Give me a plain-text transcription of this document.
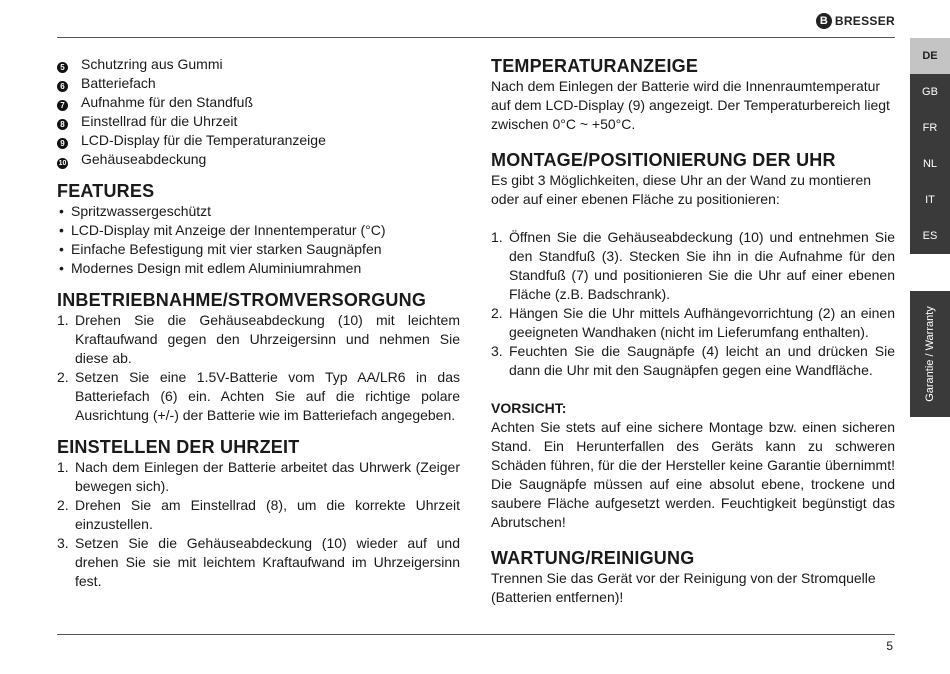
B BRESSER
5 Schutzring aus Gummi
6 Batteriefach
7 Aufnahme für den Standfuß
8 Einstellrad für die Uhrzeit
9 LCD-Display für die Temperaturanzeige
10 Gehäuseabdeckung
FEATURES
• Spritzwassergeschützt
• LCD-Display mit Anzeige der Innentemperatur (°C)
• Einfache Befestigung mit vier starken Saugnäpfen
• Modernes Design mit edlem Aluminiumrahmen
INBETRIEBNAHME/STROMVERSORGUNG
1. Drehen Sie die Gehäuseabdeckung (10) mit leichtem Kraftaufwand gegen den Uhrzeigersinn und nehmen Sie diese ab.
2. Setzen Sie eine 1.5V-Batterie vom Typ AA/LR6 in das Batteriefach (6) ein. Achten Sie auf die richtige polare Ausrichtung (+/-) der Batterie wie im Batteriefach angegeben.
EINSTELLEN DER UHRZEIT
1. Nach dem Einlegen der Batterie arbeitet das Uhrwerk (Zeiger bewegen sich).
2. Drehen Sie am Einstellrad (8), um die korrekte Uhrzeit einzustellen.
3. Setzen Sie die Gehäuseabdeckung (10) wieder auf und drehen Sie sie mit leichtem Kraftaufwand im Uhrzeigersinn fest.
TEMPERATURANZEIGE

Nach dem Einlegen der Batterie wird die Innenraumtemperatur auf dem LCD-Display (9) angezeigt. Der Temperaturbereich liegt zwischen 0°C ~ +50°C.

MONTAGE/POSITIONIERUNG DER UHR

Es gibt 3 Möglichkeiten, diese Uhr an der Wand zu montieren oder auf einer ebenen Fläche zu positionieren:

1. Öffnen Sie die Gehäuseabdeckung (10) und entnehmen Sie den Standfuß (3). Stecken Sie ihn in die Aufnahme für den Standfuß (7) und positionieren Sie die Uhr auf einer ebenen Fläche (z.B. Badschrank).
2. Hängen Sie die Uhr mittels Aufhängevorrichtung (2) an einen geeigneten Wandhaken (nicht im Lieferumfang enthalten).
3. Feuchten Sie die Saugnäpfe (4) leicht an und drücken Sie dann die Uhr mit den Saugnäpfen gegen eine Wandfläche.
VORSICHT:

Achten Sie stets auf eine sichere Montage bzw. einen sicheren Stand. Ein Herunterfallen des Geräts kann zu schweren Schäden führen, für die der Hersteller keine Garantie übernimmt! Die Saugnäpfe müssen auf eine absolut ebene, trockene und saubere Fläche aufgesetzt werden. Feuchtigkeit begünstigt das Abrutschen!

WARTUNG/REINIGUNG

Trennen Sie das Gerät vor der Reinigung von der Stromquelle (Batterien entfernen)!

DE
GB
FR
NL
IT
ES
Garantie / Warranty
5
